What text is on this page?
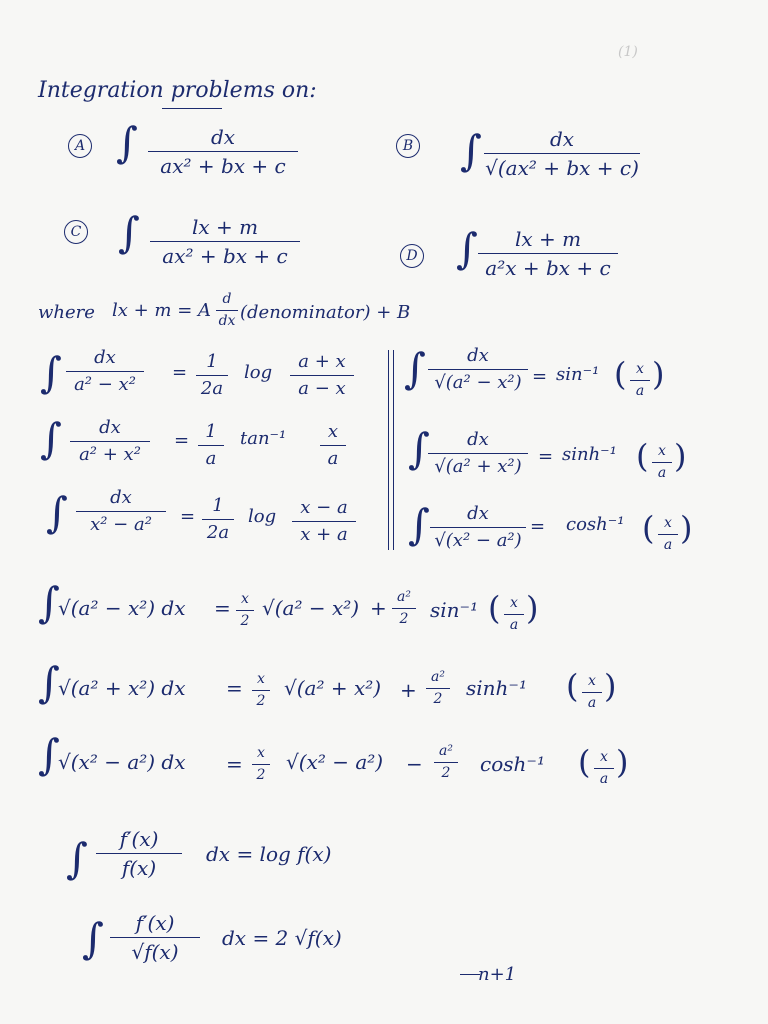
(1)
Integration problems on:
A ∫	dx
ax² + bx + c
B ∫	dx
√(ax² + bx + c)
C ∫	lx + m
ax² + bx + c	D ∫ lx + m
a²x + bx + c
where lx + m = A
d
dx (denominator) + B
∫ dx
a² − x²
=
1
2a
log
a + x
a − x
∫ dx
a² + x²
= 1
a
tan⁻¹ x
a
∫ dx
x² − a² =
1
2a
log x − a
x + a
∫ dx
√(a² − x²) = sin⁻¹ ( x
a )
∫ dx
√(a² + x²) = sinh⁻¹ ( x
a )
∫ dx
√(x² − a²)
= cosh⁻¹ ( x
a )
∫
√(a² − x²) dx = x
2
√(a² − x²) + a²
2 sin⁻¹ ( x
a )
∫
√(a² + x²) dx = x
2
√(a² + x²) +
a²
2 sinh⁻¹ ( x
a )
∫
√(x² − a²) dx = x
2
√(x² − a²) −
a²
2 cosh⁻¹ ( x
a )
∫ f′(x)
f(x)
dx = log f(x)
∫ f′(x)
√f(x)
dx = 2 √f(x)
n+1
